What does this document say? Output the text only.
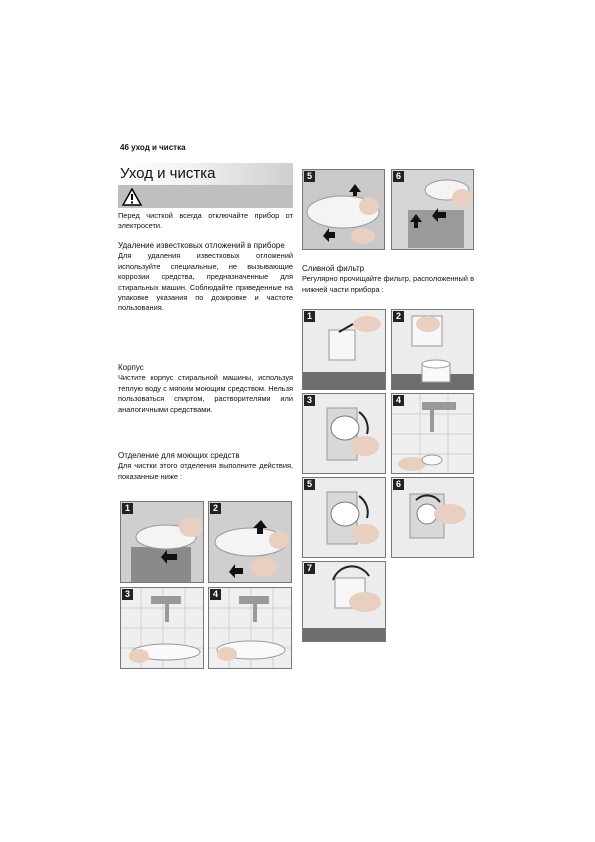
46 уход и чистка
Уход и чистка

Перед чисткой всегда отключайте прибор от электросети.

Удаление известковых отложений в приборе

Для удаления известковых отложений используйте специальные, не вызывающие коррозии средства, предназначенные для стиральных машин. Соблюдайте приведенные на упаковке указания по дозировке и частоте пользования.

Корпус

Чистите корпус стиральной машины, используя теплую воду с мягким моющим средством. Нельзя пользоваться спиртом, растворителями или аналогичными средствами.

Отделение для моющих средств

Для чистки этого отделения выполните действия, показанные ниже :

Сливной фильтр

Регулярно прочищайте фильтр, расположенный в нижней части прибора :

1	2
3	4
5	6
1	2
3	4
5	6
7
